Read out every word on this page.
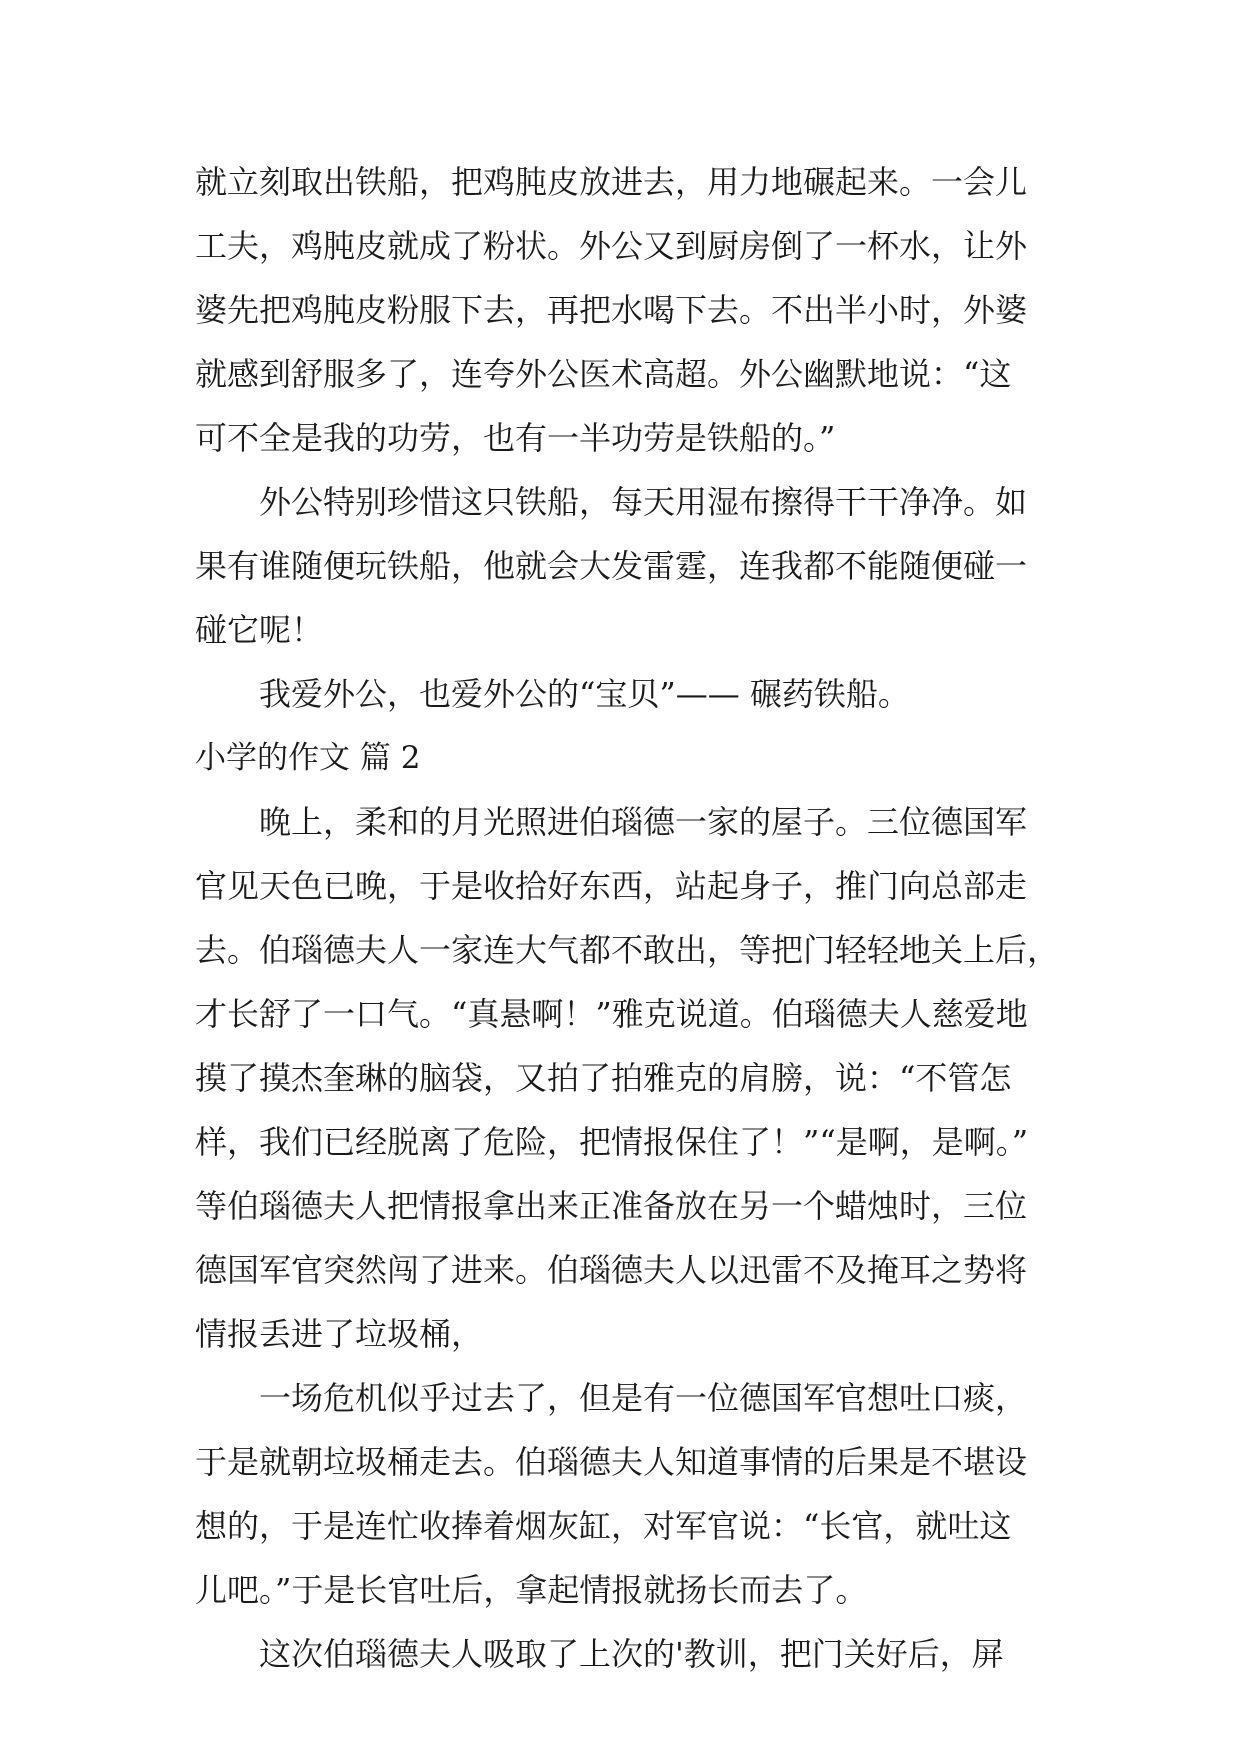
就立刻取出铁船，把鸡肫皮放进去，用力地碾起来。一会儿
工夫，鸡肫皮就成了粉状。外公又到厨房倒了一杯水，让外
婆先把鸡肫皮粉服下去，再把水喝下去。不出半小时，外婆
就感到舒服多了，连夸外公医术高超。外公幽默地说：“这
可不全是我的功劳，也有一半功劳是铁船的。”

外公特别珍惜这只铁船，每天用湿布擦得干干净净。如
果有谁随便玩铁船，他就会大发雷霆，连我都不能随便碰一
碰它呢！

我爱外公，也爱外公的“宝贝”—— 碾药铁船。

小学的作文 篇 2

晚上，柔和的月光照进伯瑙德一家的屋子。三位德国军
官见天色已晚，于是收拾好东西，站起身子，推门向总部走
去。伯瑙德夫人一家连大气都不敢出，等把门轻轻地关上后，
才长舒了一口气。“真悬啊！”雅克说道。伯瑙德夫人慈爱地
摸了摸杰奎琳的脑袋，又拍了拍雅克的肩膀，说：“不管怎
样，我们已经脱离了危险，把情报保住了！”“是啊，是啊。”
等伯瑙德夫人把情报拿出来正准备放在另一个蜡烛时，三位
德国军官突然闯了进来。伯瑙德夫人以迅雷不及掩耳之势将
情报丢进了垃圾桶，

一场危机似乎过去了，但是有一位德国军官想吐口痰，
于是就朝垃圾桶走去。伯瑙德夫人知道事情的后果是不堪设
想的，于是连忙收捧着烟灰缸，对军官说：“长官，就吐这
儿吧。”于是长官吐后，拿起情报就扬长而去了。

这次伯瑙德夫人吸取了上次的'教训，把门关好后，屏
